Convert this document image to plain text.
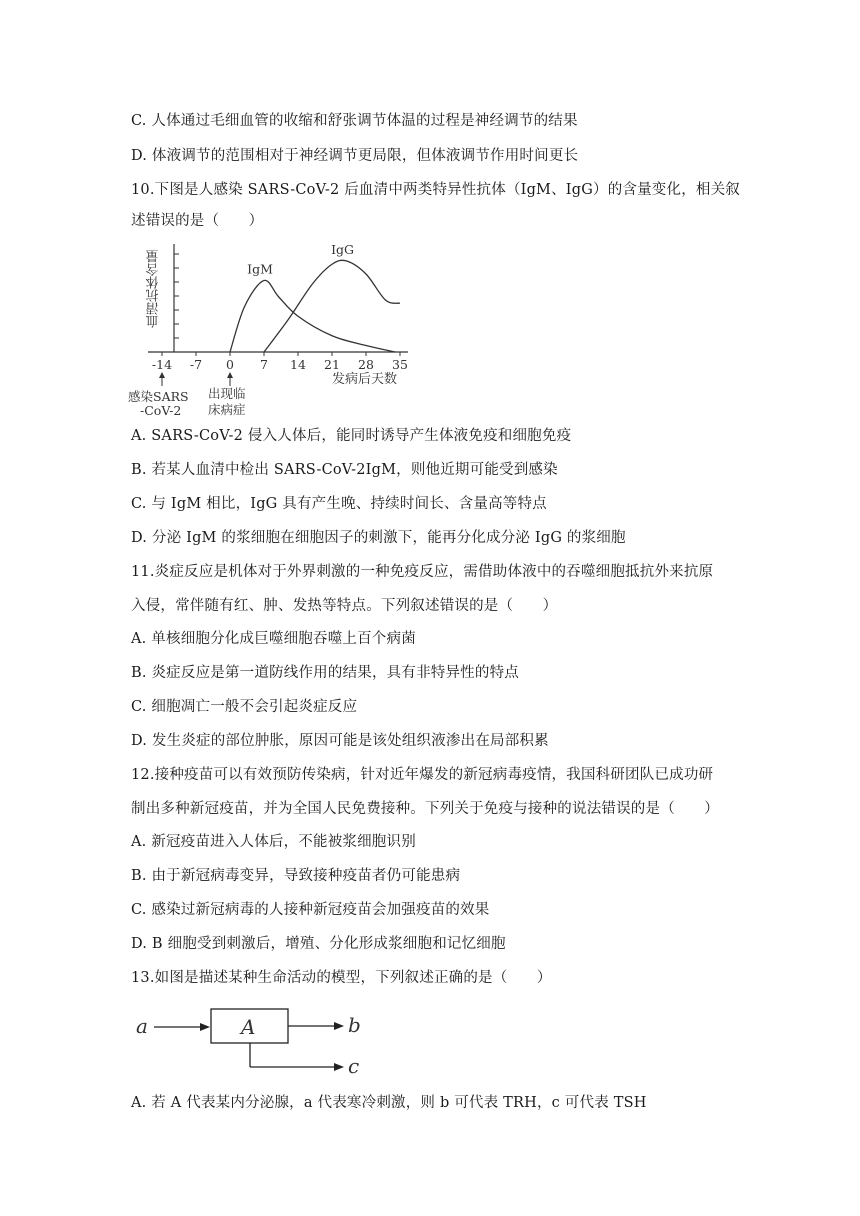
C. 人体通过毛细血管的收缩和舒张调节体温的过程是神经调节的结果
D. 体液调节的范围相对于神经调节更局限，但体液调节作用时间更长
10.下图是人感染 SARS-CoV-2 后血清中两类特异性抗体（IgM、IgG）的含量变化，相关叙
述错误的是（　　）
-14 -7 0 7 14 21 28 35
血清抗体含量	IgM
IgG
发病后天数
感染SARS
-CoV-2
出现临
床病症
A. SARS-CoV-2 侵入人体后，能同时诱导产生体液免疫和细胞免疫
B. 若某人血清中检出 SARS-CoV-2IgM，则他近期可能受到感染
C. 与 IgM 相比，IgG 具有产生晚、持续时间长、含量高等特点
D. 分泌 IgM 的浆细胞在细胞因子的刺激下，能再分化成分泌 IgG 的浆细胞
11.炎症反应是机体对于外界刺激的一种免疫反应，需借助体液中的吞噬细胞抵抗外来抗原
入侵，常伴随有红、肿、发热等特点。下列叙述错误的是（　　）
A. 单核细胞分化成巨噬细胞吞噬上百个病菌
B. 炎症反应是第一道防线作用的结果，具有非特异性的特点
C. 细胞凋亡一般不会引起炎症反应
D. 发生炎症的部位肿胀，原因可能是该处组织液渗出在局部积累
12.接种疫苗可以有效预防传染病，针对近年爆发的新冠病毒疫情，我国科研团队已成功研
制出多种新冠疫苗，并为全国人民免费接种。下列关于免疫与接种的说法错误的是（　　）
A. 新冠疫苗进入人体后，不能被浆细胞识别
B. 由于新冠病毒变异，导致接种疫苗者仍可能患病
C. 感染过新冠病毒的人接种新冠疫苗会加强疫苗的效果
D. B 细胞受到刺激后，增殖、分化形成浆细胞和记忆细胞
13.如图是描述某种生命活动的模型，下列叙述正确的是（　　）
a	A	b
c
A. 若 A 代表某内分泌腺，a 代表寒冷刺激，则 b 可代表 TRH，c 可代表 TSH
